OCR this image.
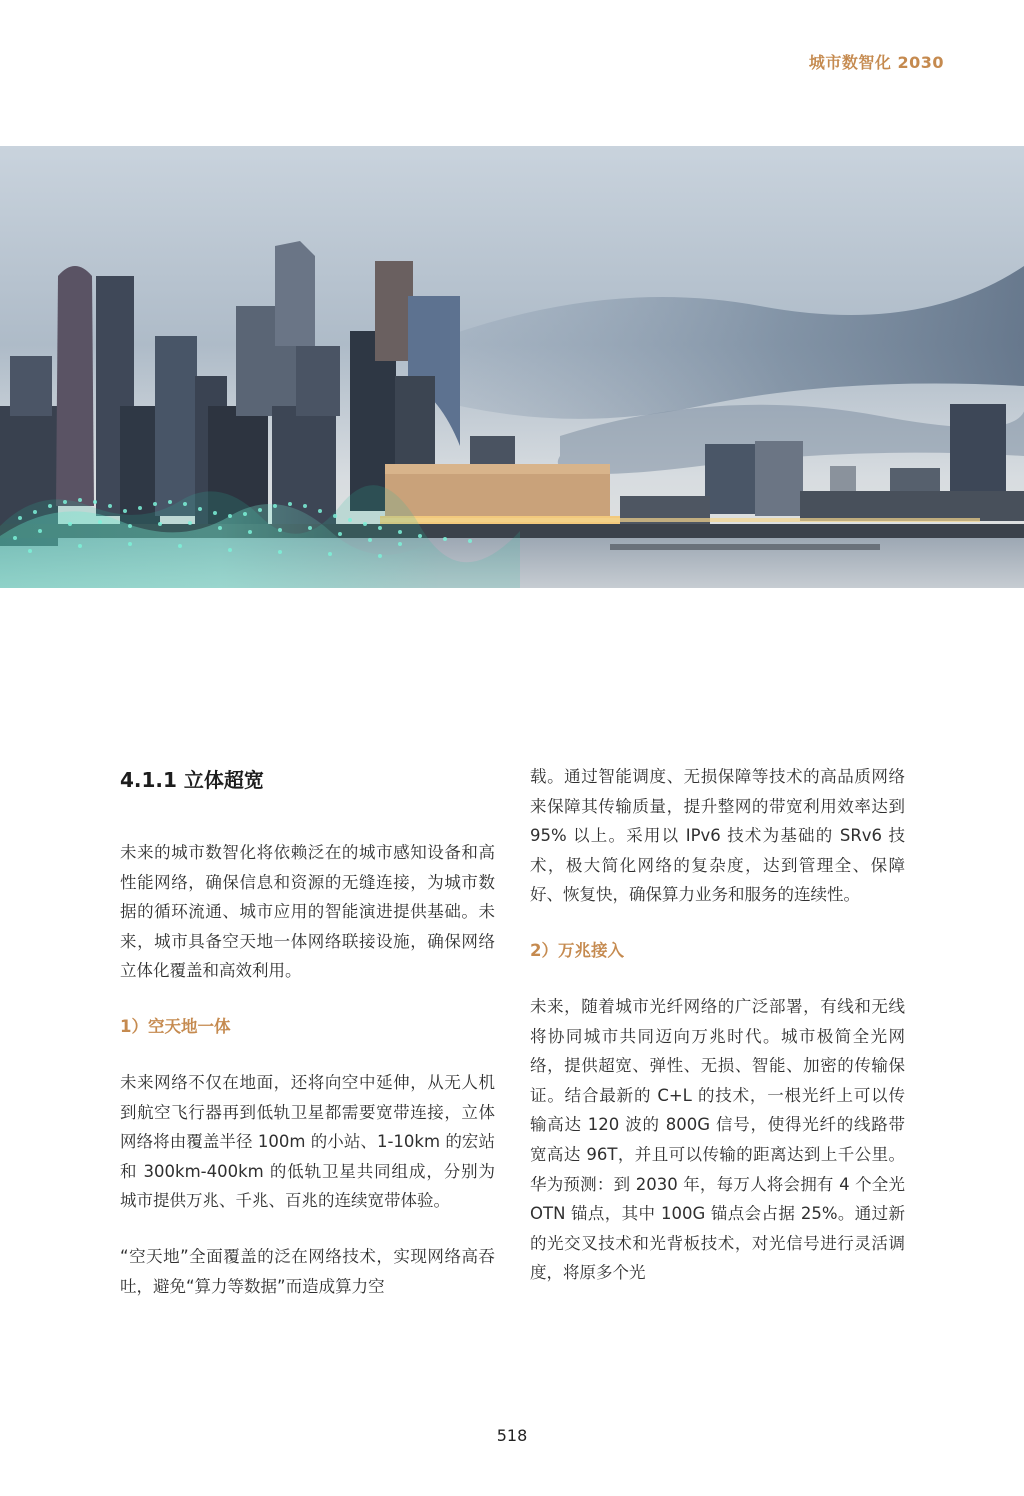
城市数智化 2030
4.1.1 立体超宽

未来的城市数智化将依赖泛在的城市感知设备和高性能网络，确保信息和资源的无缝连接，为城市数据的循环流通、城市应用的智能演进提供基础。未来，城市具备空天地一体网络联接设施，确保网络立体化覆盖和高效利用。

1）空天地一体

未来网络不仅在地面，还将向空中延伸，从无人机到航空飞行器再到低轨卫星都需要宽带连接，立体网络将由覆盖半径 100m 的小站、1-10km 的宏站和 300km-400km 的低轨卫星共同组成，分别为城市提供万兆、千兆、百兆的连续宽带体验。

“空天地”全面覆盖的泛在网络技术，实现网络高吞吐，避免“算力等数据”而造成算力空

载。通过智能调度、无损保障等技术的高品质网络来保障其传输质量，提升整网的带宽利用效率达到 95% 以上。采用以 IPv6 技术为基础的 SRv6 技术，极大简化网络的复杂度，达到管理全、保障好、恢复快，确保算力业务和服务的连续性。

2）万兆接入

未来，随着城市光纤网络的广泛部署，有线和无线将协同城市共同迈向万兆时代。城市极简全光网络，提供超宽、弹性、无损、智能、加密的传输保证。结合最新的 C+L 的技术，一根光纤上可以传输高达 120 波的 800G 信号，使得光纤的线路带宽高达 96T，并且可以传输的距离达到上千公里。华为预测：到 2030 年，每万人将会拥有 4 个全光 OTN 锚点，其中 100G 锚点会占据 25%。通过新的光交叉技术和光背板技术，对光信号进行灵活调度，将原多个光

518
